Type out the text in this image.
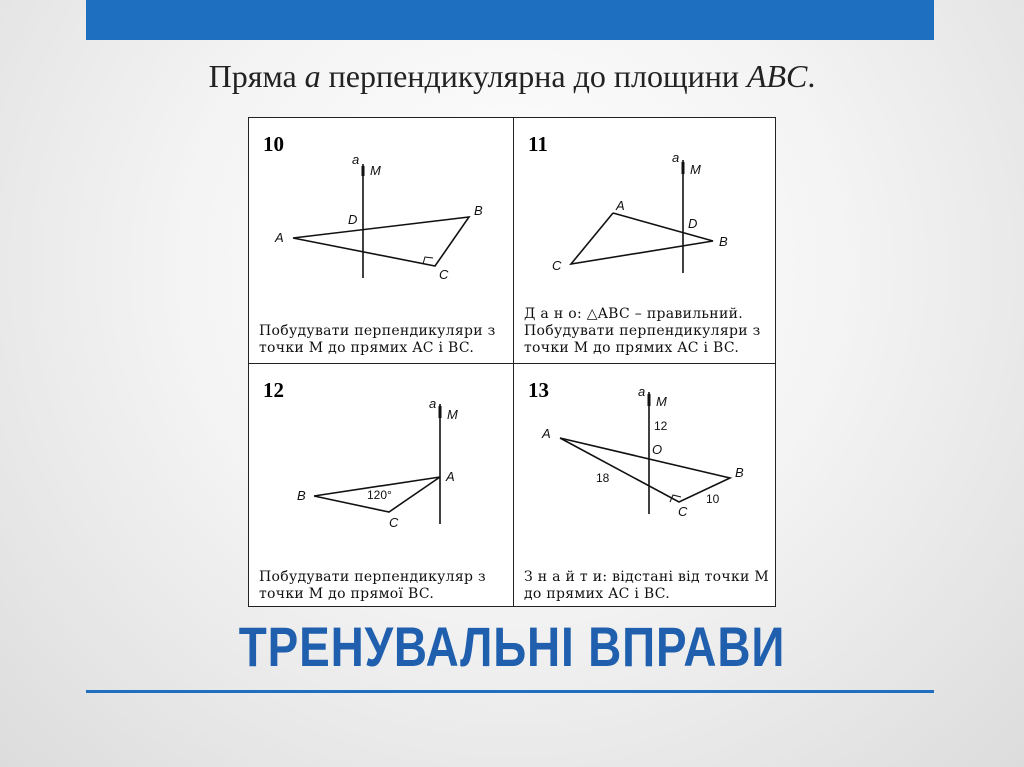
Пряма a перпендикулярна до площини ABC.
a
M
D
A
B
C
10
Побудувати перпендикуляри з
точки M до прямих AC і BC.
a
M
D
A
B
C
11
Д а н о: △ABC – правильний.
Побудувати перпендикуляри з
точки M до прямих AC і BC.
a
M
A
B
C
120°
12
Побудувати перпендикуляр з
точки M до прямої BC.
a
M
O
A
B
C
12
18
10
13
З н а й т и: відстані від точки M
до прямих AC і BC.
ТРЕНУВАЛЬНІ ВПРАВИ
